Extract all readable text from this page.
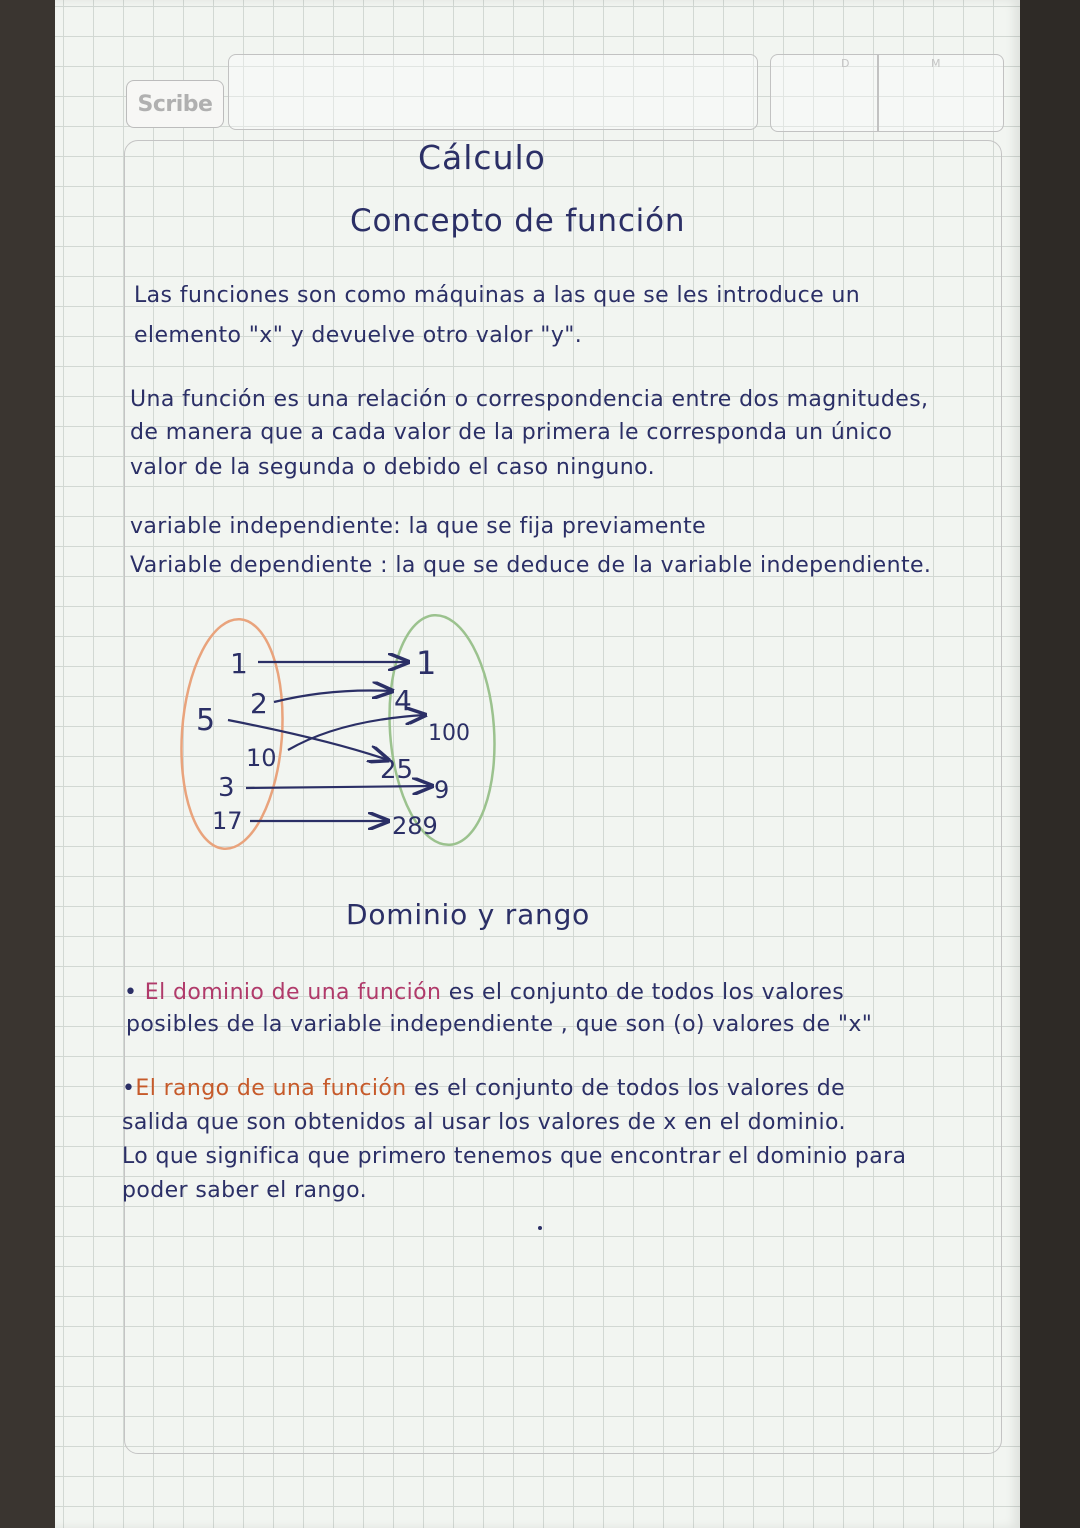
Scribe
D	M
Cálculo
Concepto de función
Las funciones son como máquinas a las que se les introduce un
elemento "x" y devuelve otro valor "y".
Una función es una relación o correspondencia entre dos magnitudes,
de manera que a cada valor de la primera le corresponda un único
valor de la segunda o debido el caso ninguno.
variable independiente: la que se fija previamente
Variable dependiente : la que se deduce de la variable independiente.
1
2
5
10
3
17
1
4
100
25
9
289
Dominio y rango
• El dominio de una función es el conjunto de todos los valores
posibles de la variable independiente , que son (o) valores de "x"
•El rango de una función es el conjunto de todos los valores de
salida que son obtenidos al usar los valores de x en el dominio.
Lo que significa que primero tenemos que encontrar el dominio para
poder saber el rango.
